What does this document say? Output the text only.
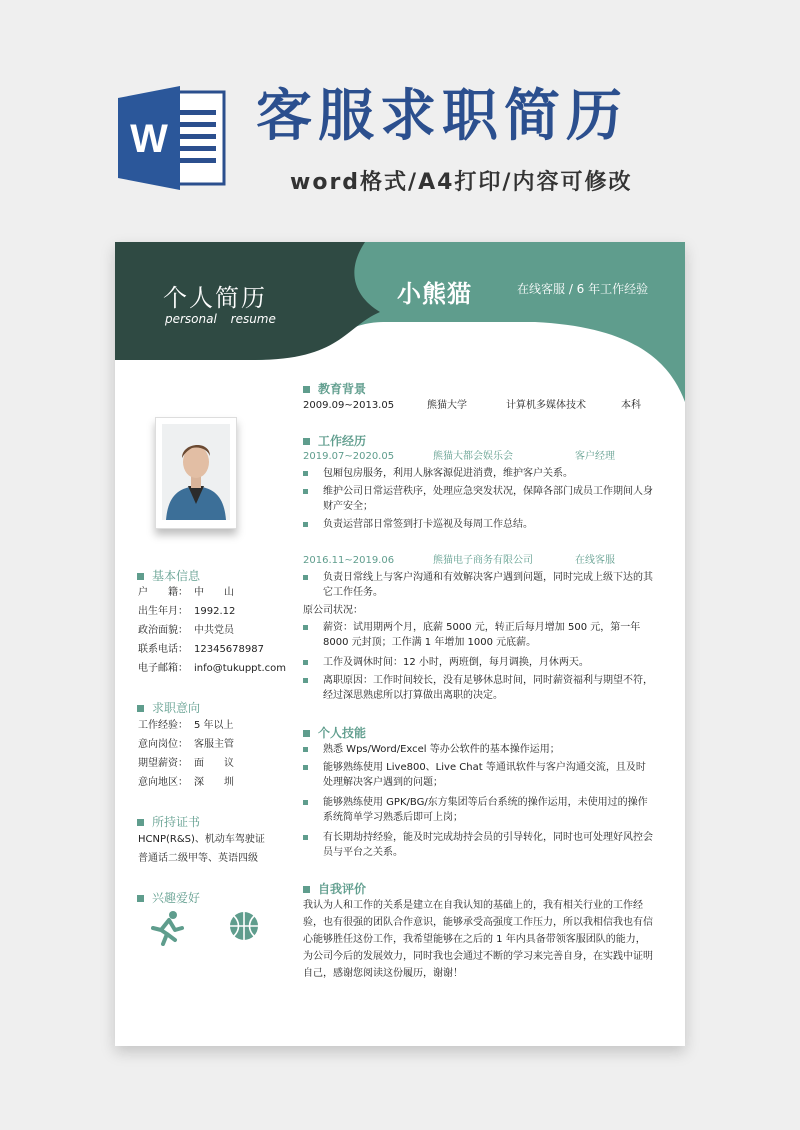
W 客服求职简历
word格式/A4打印/内容可修改
个人简历
personal resume
小熊猫	在线客服 / 6 年工作经验
基本信息
户　　籍： 中　　山
出生年月： 1992.12
政治面貌： 中共党员
联系电话： 12345678987
电子邮箱： info@tukuppt.com
求职意向
工作经验： 5 年以上
意向岗位： 客服主管
期望薪资： 面　　议
意向地区： 深　　圳
所持证书
HCNP(R&S)、机动车驾驶证
普通话二级甲等、英语四级
兴趣爱好
教育背景
2009.09~2013.05	熊猫大学	计算机多媒体技术	本科
工作经历
2019.07~2020.05	熊猫大都会娱乐会	客户经理
包厢包房服务，利用人脉客源促进消费，维护客户关系。
维护公司日常运营秩序，处理应急突发状况，保障各部门成员工作期间人身财产安全；
负责运营部日常签到打卡巡视及每周工作总结。
2016.11~2019.06	熊猫电子商务有限公司	在线客服
负责日常线上与客户沟通和有效解决客户遇到问题，同时完成上级下达的其它工作任务。
原公司状况：
薪资：试用期两个月，底薪 5000 元，转正后每月增加 500 元，第一年 8000 元封顶；工作满 1 年增加 1000 元底薪。
工作及调休时间：12 小时，两班倒，每月调换，月休两天。
离职原因：工作时间较长，没有足够休息时间，同时薪资福利与期望不符，经过深思熟虑所以打算做出离职的决定。
个人技能
熟悉 Wps/Word/Excel 等办公软件的基本操作运用；
能够熟练使用 Live800、Live Chat 等通讯软件与客户沟通交流，且及时处理解决客户遇到的问题；
能够熟练使用 GPK/BG/东方集团等后台系统的操作运用，未使用过的操作系统简单学习熟悉后即可上岗；
有长期劫持经验，能及时完成劫持会员的引导转化，同时也可处理好风控会员与平台之关系。
自我评价
我认为人和工作的关系是建立在自我认知的基础上的，我有相关行业的工作经验，也有很强的团队合作意识，能够承受高强度工作压力，所以我相信我也有信心能够胜任这份工作，我希望能够在之后的 1 年内具备带领客服团队的能力，为公司今后的发展效力，同时我也会通过不断的学习来完善自身，在实践中证明自己，感谢您阅读这份履历，谢谢！
